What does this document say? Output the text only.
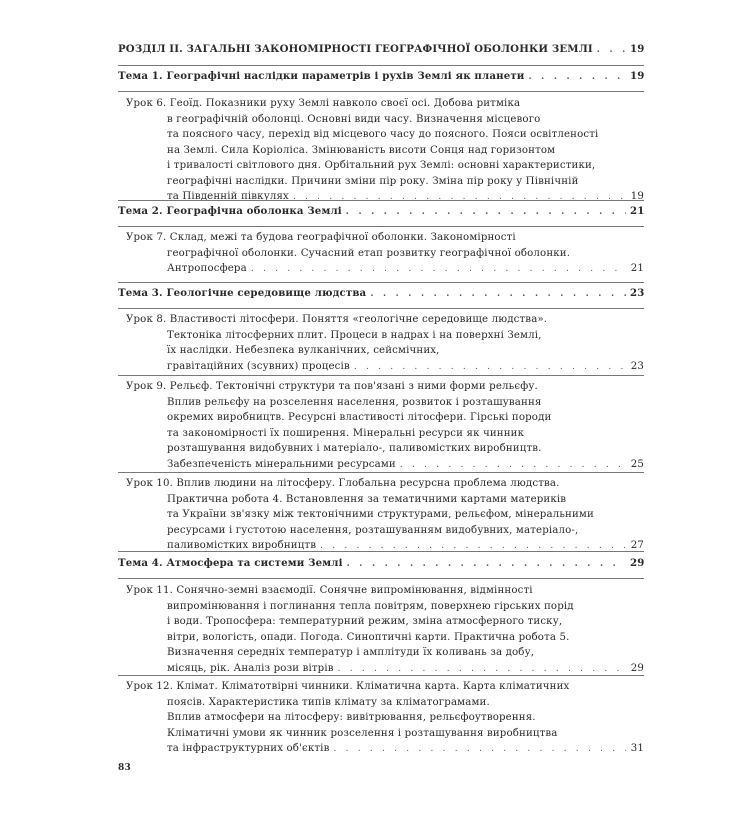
РОЗДІЛ II. ЗАГАЛЬНІ ЗАКОНОМІРНОСТІ ГЕОГРАФІЧНОЇ ОБОЛОНКИ ЗЕМЛІ . . .	19
Тема 1. Географічні наслідки параметрів і рухів Землі як планети . . .	19
Урок 6. Геоїд. Показники руху Землі навколо своєї осі. Добова ритміка
в географічній оболонці. Основні види часу. Визначення місцевого
та поясного часу, перехід від місцевого часу до поясного. Пояси освітленості
на Землі. Сила Коріоліса. Змінюваність висоти Сонця над горизонтом
і тривалості світлового дня. Орбітальний рух Землі: основні характеристики,
географічні наслідки. Причини зміни пір року. Зміна пір року у Північній
та Південній півкулях . . .	19
Тема 2. Географічна оболонка Землі . . .	21
Урок 7. Склад, межі та будова географічної оболонки. Закономірності
географічної оболонки. Сучасний етап розвитку географічної оболонки.
Антропосфера . . .	21
Тема 3. Геологічне середовище людства . . .	23
Урок 8. Властивості літосфери. Поняття «геологічне середовище людства».
Тектоніка літосферних плит. Процеси в надрах і на поверхні Землі,
їх наслідки. Небезпека вулканічних, сейсмічних,
гравітаційних (зсувних) процесів . . .	23
Урок 9. Рельєф. Тектонічні структури та пов'язані з ними форми рельєфу.
Вплив рельєфу на розселення населення, розвиток і розташування
окремих виробництв. Ресурсні властивості літосфери. Гірські породи
та закономірності їх поширення. Мінеральні ресурси як чинник
розташування видобувних і матеріало-, паливомістких виробництв.
Забезпеченість мінеральними ресурсами . . .	25
Урок 10. Вплив людини на літосферу. Глобальна ресурсна проблема людства.
Практична робота 4. Встановлення за тематичними картами материків
та України зв'язку між тектонічними структурами, рельєфом, мінеральними
ресурсами і густотою населення, розташуванням видобувних, матеріало-,
паливомістких виробництв . . .	27
Тема 4. Атмосфера та системи Землі . . .	29
Урок 11. Сонячно-земні взаємодії. Сонячне випромінювання, відмінності
випромінювання і поглинання тепла повітрям, поверхнею гірських порід
і води. Тропосфера: температурний режим, зміна атмосферного тиску,
вітри, вологість, опади. Погода. Синоптичні карти. Практична робота 5.
Визначення середніх температур і амплітуди їх коливань за добу,
місяць, рік. Аналіз рози вітрів . . .	29
Урок 12. Клімат. Кліматотвірні чинники. Кліматична карта. Карта кліматичних
поясів. Характеристика типів клімату за кліматограмами.
Вплив атмосфери на літосферу: вивітрювання, рельєфоутворення.
Кліматичні умови як чинник розселення і розташування виробництва
та інфраструктурних об'єктів . . .	31
83
